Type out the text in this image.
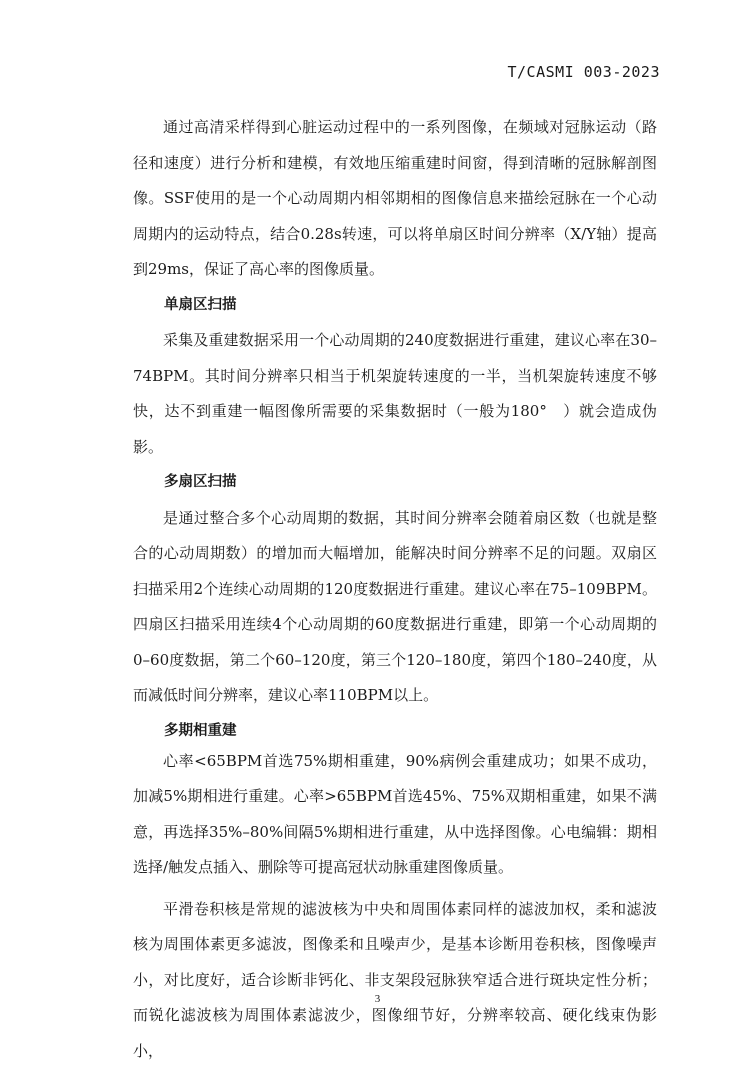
T/CASMI 003-2023

通过高清采样得到心脏运动过程中的一系列图像，在频域对冠脉运动（路径和速度）进行分析和建模，有效地压缩重建时间窗，得到清晰的冠脉解剖图像。SSF使用的是一个心动周期内相邻期相的图像信息来描绘冠脉在一个心动周期内的运动特点，结合0.28s转速，可以将单扇区时间分辨率（X/Y轴）提高到29ms，保证了高心率的图像质量。

单扇区扫描

采集及重建数据采用一个心动周期的240度数据进行重建，建议心率在30–74BPM。其时间分辨率只相当于机架旋转速度的一半，当机架旋转速度不够快，达不到重建一幅图像所需要的采集数据时（一般为180°　）就会造成伪影。

多扇区扫描

是通过整合多个心动周期的数据，其时间分辨率会随着扇区数（也就是整合的心动周期数）的增加而大幅增加，能解决时间分辨率不足的问题。双扇区扫描采用2个连续心动周期的120度数据进行重建。建议心率在75–109BPM。四扇区扫描采用连续4个心动周期的60度数据进行重建，即第一个心动周期的0–60度数据，第二个60–120度，第三个120–180度，第四个180–240度，从而减低时间分辨率，建议心率110BPM以上。

多期相重建

心率<65BPM首选75%期相重建，90%病例会重建成功；如果不成功，加减5%期相进行重建。心率>65BPM首选45%、75%双期相重建，如果不满意，再选择35%–80%间隔5%期相进行重建，从中选择图像。心电编辑：期相选择/触发点插入、删除等可提高冠状动脉重建图像质量。

平滑卷积核是常规的滤波核为中央和周围体素同样的滤波加权，柔和滤波核为周围体素更多滤波，图像柔和且噪声少，是基本诊断用卷积核，图像噪声小，对比度好，适合诊断非钙化、非支架段冠脉狭窄适合进行斑块定性分析；而锐化滤波核为周围体素滤波少，图像细节好，分辨率较高、硬化线束伪影小，

3
